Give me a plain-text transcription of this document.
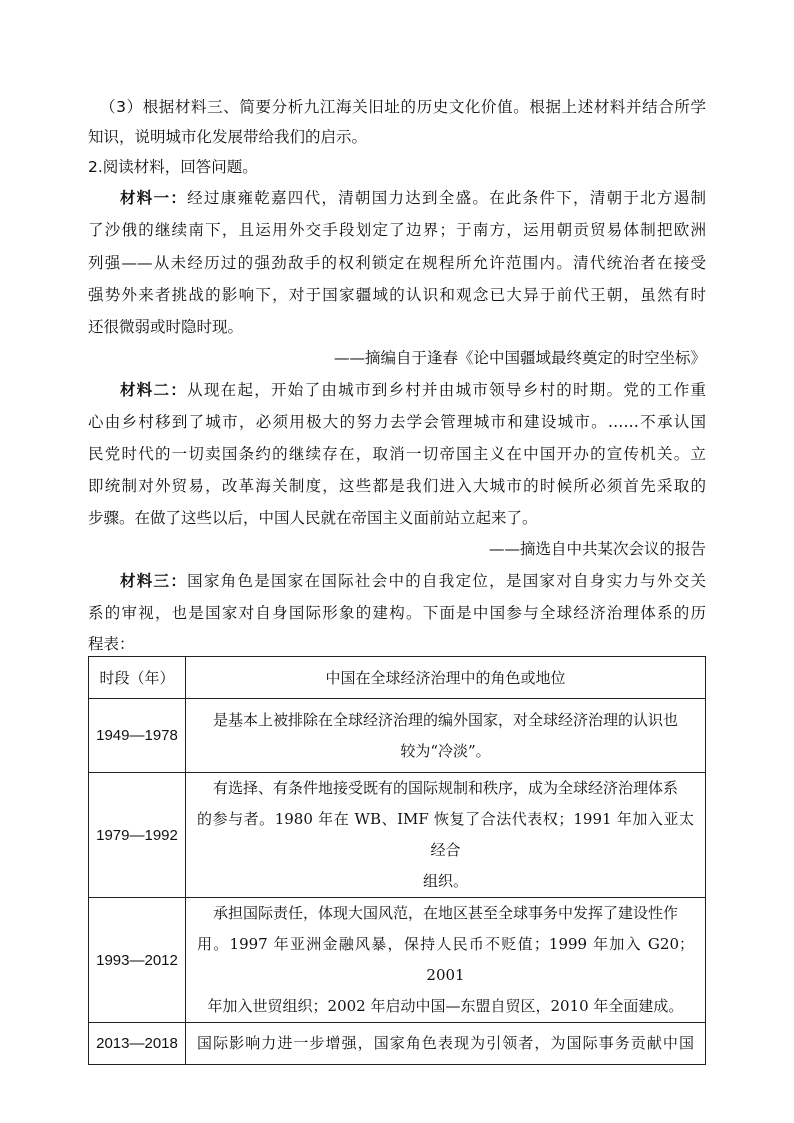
（3）根据材料三、简要分析九江海关旧址的历史文化价值。根据上述材料并结合所学
知识，说明城市化发展带给我们的启示。
2.阅读材料，回答问题。
材料一：经过康雍乾嘉四代，清朝国力达到全盛。在此条件下，清朝于北方遏制
了沙俄的继续南下，且运用外交手段划定了边界；于南方，运用朝贡贸易体制把欧洲
列强——从未经历过的强劲敌手的权利锁定在规程所允许范围内。清代统治者在接受
强势外来者挑战的影响下，对于国家疆域的认识和观念已大异于前代王朝，虽然有时
还很微弱或时隐时现。
——摘编自于逢春《论中国疆域最终奠定的时空坐标》
材料二：从现在起，开始了由城市到乡村并由城市领导乡村的时期。党的工作重
心由乡村移到了城市，必须用极大的努力去学会管理城市和建设城市。……不承认国
民党时代的一切卖国条约的继续存在，取消一切帝国主义在中国开办的宣传机关。立
即统制对外贸易，改革海关制度，这些都是我们进入大城市的时候所必须首先采取的
步骤。在做了这些以后，中国人民就在帝国主义面前站立起来了。
——摘选自中共某次会议的报告
材料三：国家角色是国家在国际社会中的自我定位，是国家对自身实力与外交关
系的审视，也是国家对自身国际形象的建构。下面是中国参与全球经济治理体系的历
程表：
时段（年）	中国在全球经济治理中的角色或地位
1949—1978	是基本上被排除在全球经济治理的编外国家，对全球经济治理的认识也
较为“冷淡”。

1979—1992	有选择、有条件地接受既有的国际规制和秩序，成为全球经济治理体系
的参与者。1980 年在 WB、IMF 恢复了合法代表权；1991 年加入亚太经合
组织。

1993—2012	承担国际责任，体现大国风范，在地区甚至全球事务中发挥了建设性作
用。1997 年亚洲金融风暴，保持人民币不贬值；1999 年加入 G20；2001
年加入世贸组织；2002 年启动中国—东盟自贸区，2010 年全面建成。

2013—2018	国际影响力进一步增强，国家角色表现为引领者，为国际事务贡献中国
